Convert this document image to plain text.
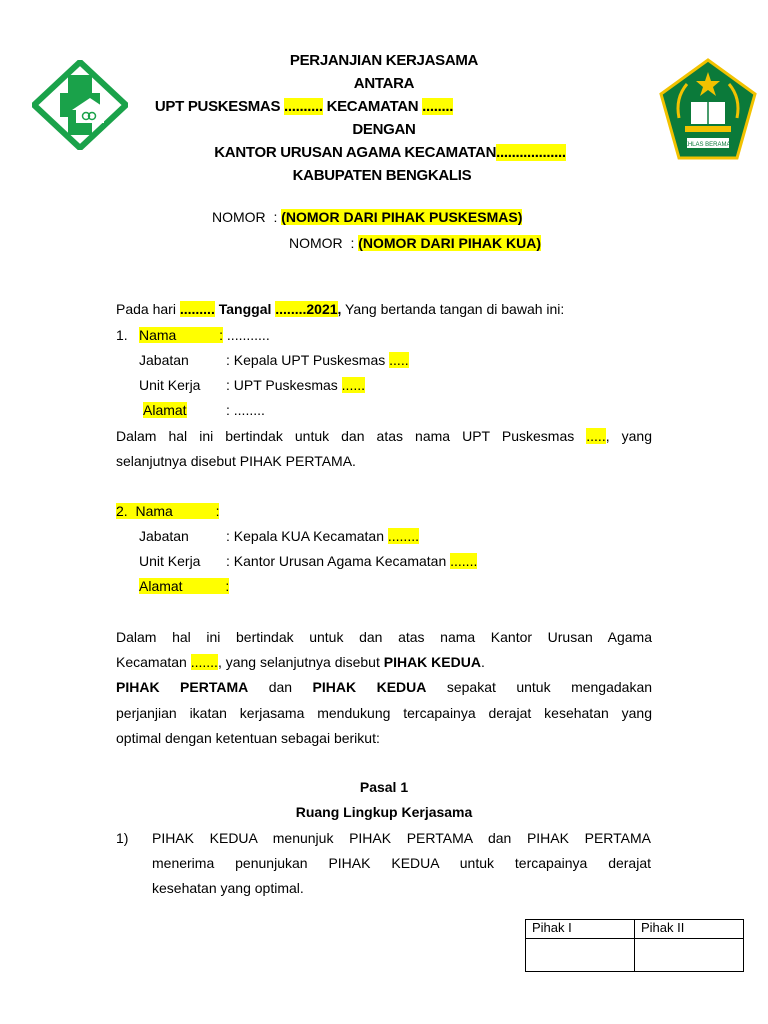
IKHLAS BERAMAL
PERJANJIAN KERJASAMA
ANTARA
UPT PUSKESMAS .......... KECAMATAN ........
DENGAN
KANTOR URUSAN AGAMA KECAMATAN..................
KABUPATEN BENGKALIS
NOMOR  : (NOMOR DARI PIHAK PUSKESMAS)
NOMOR  : (NOMOR DARI PIHAK KUA)
Pada hari ......... Tanggal ........2021, Yang bertanda tangan di bawah ini:
1. Nama           : ...........
Jabatan	: Kepala UPT Puskesmas .....
Unit Kerja : UPT Puskesmas ......
Alamat	: ........
Dalam hal ini bertindak untuk dan atas nama UPT Puskesmas ....., yang
selanjutnya disebut PIHAK PERTAMA.
2.  Nama           :
Jabatan	: Kepala KUA Kecamatan ........
Unit Kerja : Kantor Urusan Agama Kecamatan .......
Alamat           :
Dalam hal ini bertindak untuk dan atas nama Kantor Urusan Agama
Kecamatan ......., yang selanjutnya disebut PIHAK KEDUA.
PIHAK PERTAMA dan PIHAK KEDUA sepakat untuk mengadakan
perjanjian ikatan kerjasama mendukung tercapainya derajat kesehatan yang
optimal dengan ketentuan sebagai berikut:
Pasal 1
Ruang Lingkup Kerjasama
1) PIHAK KEDUA menunjuk PIHAK PERTAMA dan PIHAK PERTAMA
menerima penunjukan PIHAK KEDUA untuk tercapainya derajat
kesehatan yang optimal.
Pihak I	Pihak II
